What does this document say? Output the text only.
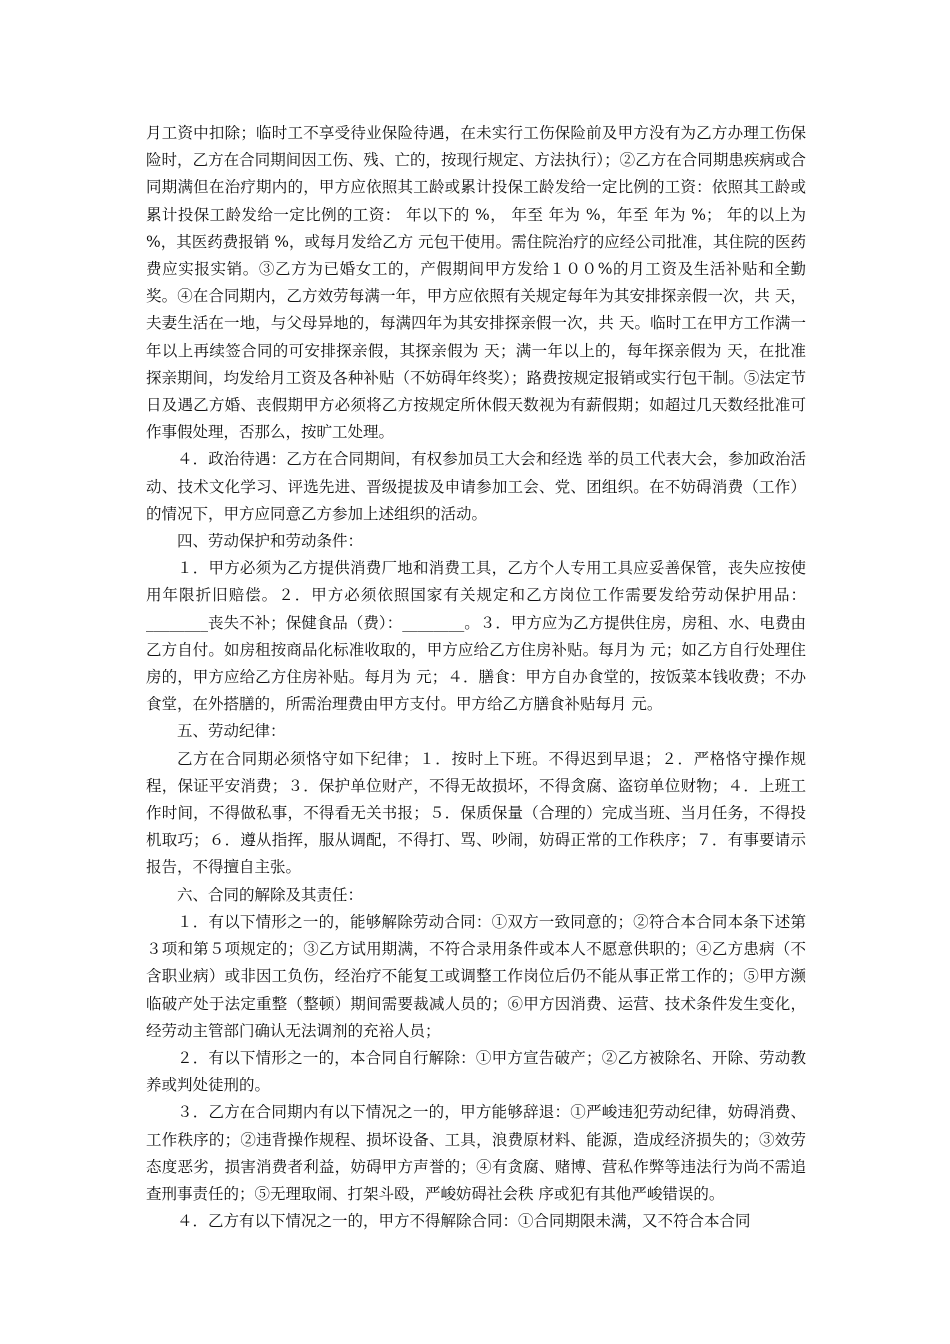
月工资中扣除；临时工不享受待业保险待遇，在未实行工伤保险前及甲方没有为乙方办理工伤保险时，乙方在合同期间因工伤、残、亡的，按现行规定、方法执行）；②乙方在合同期患疾病或合同期满但在治疗期内的，甲方应依照其工龄或累计投保工龄发给一定比例的工资：依照其工龄或累计投保工龄发给一定比例的工资： 年以下的 %， 年至 年为 %，年至 年为 %； 年的以上为 %，其医药费报销 %，或每月发给乙方 元包干使用。需住院治疗的应经公司批准，其住院的医药费应实报实销。③乙方为已婚女工的，产假期间甲方发给１００%的月工资及生活补贴和全勤奖。④在合同期内，乙方效劳每满一年，甲方应依照有关规定每年为其安排探亲假一次，共 天，夫妻生活在一地，与父母异地的，每满四年为其安排探亲假一次，共 天。临时工在甲方工作满一年以上再续签合同的可安排探亲假，其探亲假为 天；满一年以上的，每年探亲假为 天，在批准探亲期间，均发给月工资及各种补贴（不妨碍年终奖）；路费按规定报销或实行包干制。⑤法定节日及遇乙方婚、丧假期甲方必须将乙方按规定所休假天数视为有薪假期；如超过几天数经批准可作事假处理，否那么，按旷工处理。

４．政治待遇：乙方在合同期间，有权参加员工大会和经选 举的员工代表大会，参加政治活动、技术文化学习、评选先进、晋级提拔及申请参加工会、党、团组织。在不妨碍消费（工作）的情况下，甲方应同意乙方参加上述组织的活动。

四、劳动保护和劳动条件：

１．甲方必须为乙方提供消费厂地和消费工具，乙方个人专用工具应妥善保管，丧失应按使用年限折旧赔偿。２．甲方必须依照国家有关规定和乙方岗位工作需要发给劳动保护用品：________丧失不补；保健食品（费）：________。３．甲方应为乙方提供住房，房租、水、电费由乙方自付。如房租按商品化标准收取的，甲方应给乙方住房补贴。每月为 元；如乙方自行处理住房的，甲方应给乙方住房补贴。每月为 元；４．膳食：甲方自办食堂的，按饭菜本钱收费；不办食堂，在外搭膳的，所需治理费由甲方支付。甲方给乙方膳食补贴每月 元。

五、劳动纪律：

乙方在合同期必须恪守如下纪律；１．按时上下班。不得迟到早退；２．严格恪守操作规程，保证平安消费；３．保护单位财产，不得无故损坏，不得贪腐、盗窃单位财物；４．上班工作时间，不得做私事，不得看无关书报；５．保质保量（合理的）完成当班、当月任务，不得投机取巧；６．遵从指挥，服从调配，不得打、骂、吵闹，妨碍正常的工作秩序；７．有事要请示报告，不得擅自主张。

六、合同的解除及其责任：

１．有以下情形之一的，能够解除劳动合同：①双方一致同意的；②符合本合同本条下述第３项和第５项规定的；③乙方试用期满，不符合录用条件或本人不愿意供职的；④乙方患病（不含职业病）或非因工负伤，经治疗不能复工或调整工作岗位后仍不能从事正常工作的；⑤甲方濒临破产处于法定重整（整顿）期间需要裁减人员的；⑥甲方因消费、运营、技术条件发生变化，经劳动主管部门确认无法调剂的充裕人员；

２．有以下情形之一的，本合同自行解除：①甲方宣告破产；②乙方被除名、开除、劳动教养或判处徒刑的。

３．乙方在合同期内有以下情况之一的，甲方能够辞退：①严峻违犯劳动纪律，妨碍消费、工作秩序的；②违背操作规程、损坏设备、工具，浪费原材料、能源，造成经济损失的；③效劳态度恶劣，损害消费者利益，妨碍甲方声誉的；④有贪腐、赌博、营私作弊等违法行为尚不需追查刑事责任的；⑤无理取闹、打架斗殴，严峻妨碍社会秩 序或犯有其他严峻错误的。

４．乙方有以下情况之一的，甲方不得解除合同：①合同期限未满，又不符合本合同
